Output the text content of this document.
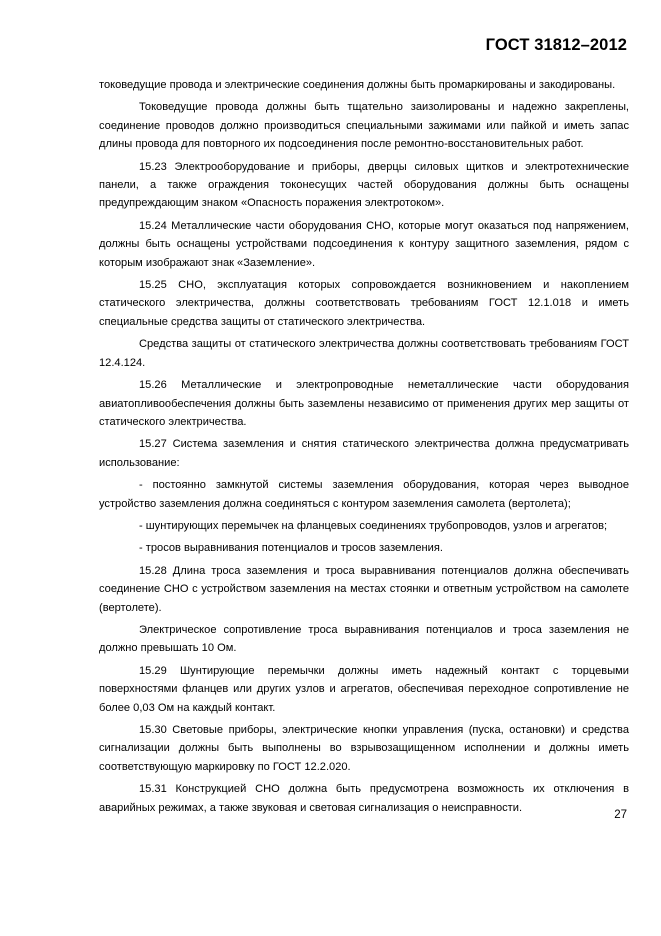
ГОСТ 31812–2012

токоведущие провода и электрические соединения должны быть промаркированы и закодированы.

Токоведущие провода должны быть тщательно заизолированы и надежно закреплены, соединение проводов должно производиться специальными зажимами или пайкой и иметь запас длины провода для повторного их подсоединения после ремонтно-восстановительных работ.

15.23 Электрооборудование и приборы, дверцы силовых щитков и электротехнические панели, а также ограждения токонесущих частей оборудования должны быть оснащены предупреждающим знаком «Опасность поражения электротоком».

15.24 Металлические части оборудования СНО, которые могут оказаться под напряжением, должны быть оснащены устройствами подсоединения к контуру защитного заземления, рядом с которым изображают знак «Заземление».

15.25 СНО, эксплуатация которых сопровождается возникновением и накоплением статического электричества, должны соответствовать требованиям ГОСТ 12.1.018 и иметь специальные средства защиты от статического электричества.

Средства защиты от статического электричества должны соответствовать требованиям ГОСТ 12.4.124.

15.26 Металлические и электропроводные неметаллические части оборудования авиатопливообеспечения должны быть заземлены независимо от применения других мер защиты от статического электричества.

15.27 Система заземления и снятия статического электричества должна предусматривать использование:

- постоянно замкнутой системы заземления оборудования, которая через выводное устройство заземления должна соединяться с контуром заземления самолета (вертолета);

- шунтирующих перемычек на фланцевых соединениях трубопроводов, узлов и агрегатов;

- тросов выравнивания потенциалов и тросов заземления.

15.28 Длина троса заземления и троса выравнивания потенциалов должна обеспечивать соединение СНО с устройством заземления на местах стоянки и ответным устройством на самолете (вертолете).

Электрическое сопротивление троса выравнивания потенциалов и троса заземления не должно превышать 10 Ом.

15.29 Шунтирующие перемычки должны иметь надежный контакт с торцевыми поверхностями фланцев или других узлов и агрегатов, обеспечивая переходное сопротивление не более 0,03 Ом на каждый контакт.

15.30 Световые приборы, электрические кнопки управления (пуска, остановки) и средства сигнализации должны быть выполнены во взрывозащищенном исполнении и должны иметь соответствующую маркировку по ГОСТ 12.2.020.

15.31 Конструкцией СНО должна быть предусмотрена возможность их отключения в аварийных режимах, а также звуковая и световая сигнализация о неисправности.

27
